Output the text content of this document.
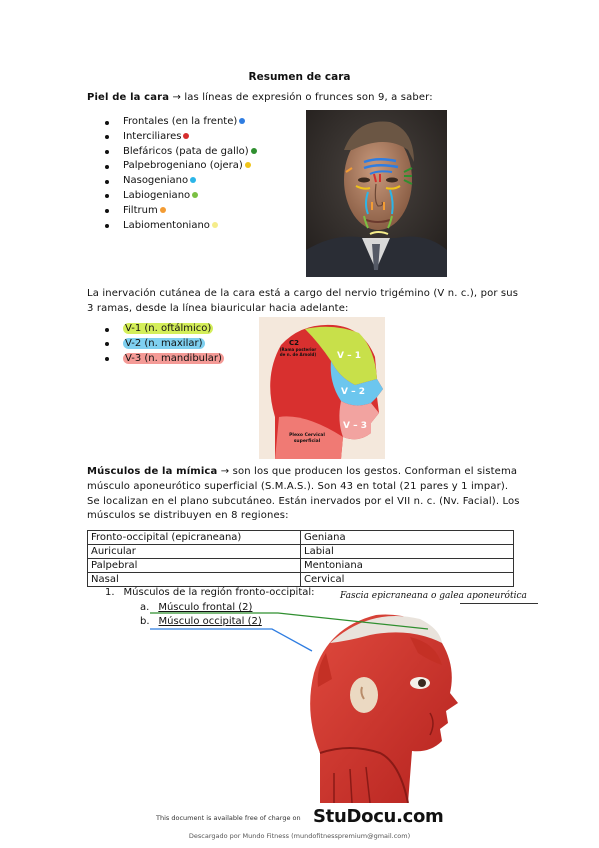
Resumen de cara
Piel de la cara → las líneas de expresión o frunces son 9, a saber:
Frontales (en la frente)
Interciliares
Blefáricos (pata de gallo)
Palpebrogeniano (ojera)
Nasogeniano
Labiogeniano
Filtrum
Labiomentoniano
La inervación cutánea de la cara está a cargo del nervio trigémino (V n. c.), por sus 3 ramas, desde la línea biauricular hacia adelante:
V-1 (n. oftálmico)
V-2 (n. maxilar)
V-3 (n. mandibular)
C2
(Rama posterior de n. de Arnold)	V – 1
V – 2
V – 3
Plexo Cervical superficial
Músculos de la mímica → son los que producen los gestos. Conforman el sistema músculo aponeurótico superficial (S.M.A.S.). Son 43 en total (21 pares y 1 impar). Se localizan en el plano subcutáneo. Están inervados por el VII n. c. (Nv. Facial). Los músculos se distribuyen en 8 regiones:
Fronto-occipital (epicraneana)	Geniana
Auricular	Labial
Palpebral	Mentoniana
Nasal	Cervical
1. Músculos de la región fronto-occipital:
a. Músculo frontal (2)
b. Músculo occipital (2)
Fascia epicraneana o galea aponeurótica
This document is available free of charge on StuDocu.com
Descargado por Mundo Fitness (mundofitnesspremium@gmail.com)
